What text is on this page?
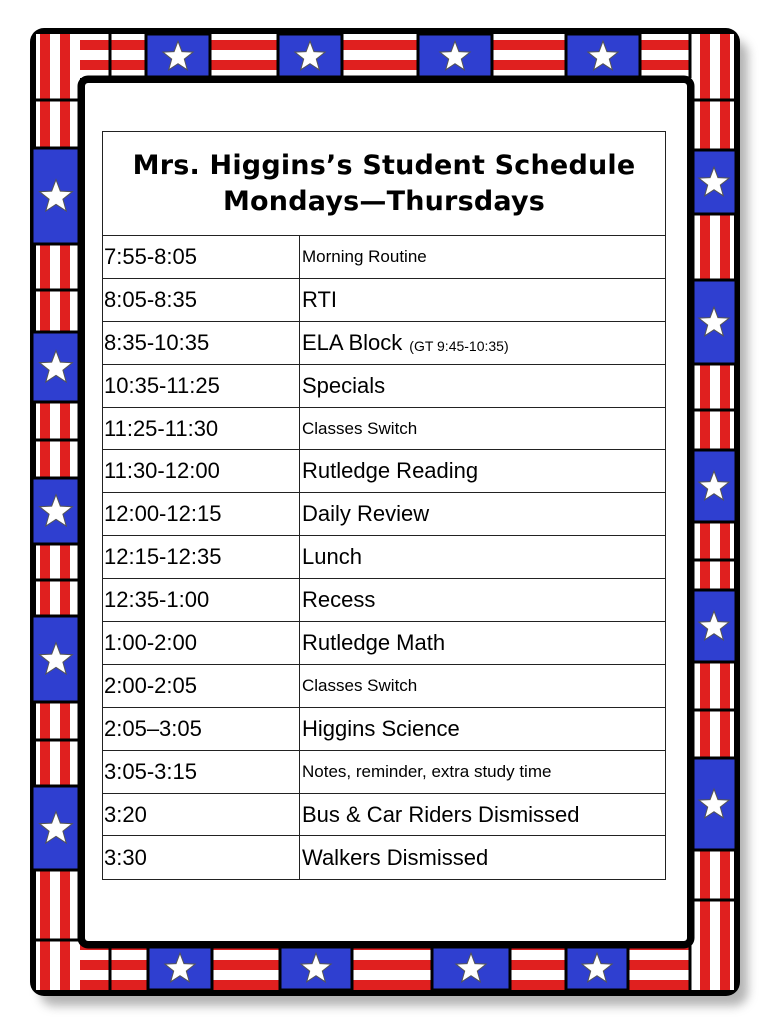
Mrs. Higgins’s Student Schedule
Mondays—Thursdays
7:55-8:05	Morning Routine
8:05-8:35	RTI
8:35-10:35	ELA Block (GT 9:45-10:35)
10:35-11:25	Specials
11:25-11:30	Classes Switch
11:30-12:00	Rutledge Reading
12:00-12:15	Daily Review
12:15-12:35	Lunch
12:35-1:00	Recess
1:00-2:00	Rutledge Math
2:00-2:05	Classes Switch
2:05–3:05	Higgins Science
3:05-3:15	Notes, reminder, extra study time
3:20	Bus & Car Riders Dismissed
3:30	Walkers Dismissed
